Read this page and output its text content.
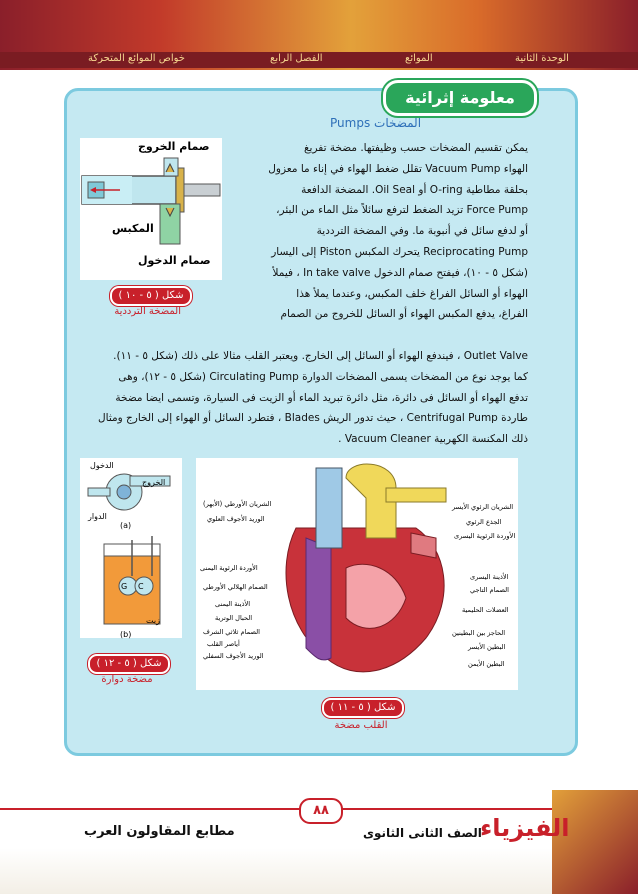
الوحدة الثانية
الموائع
الفصل الرابع
خواص الموائع المتحركة
معلومة إثرائية
المضخات Pumps
يمكن تقسيم المضخات حسب وظيفتها. مضخة تفريغ
الهواء Vacuum Pump تقلل ضغط الهواء في إناء ما معزول
بحلقة مطاطية O-ring أو Oil Seal. المضخة الدافعة
Force Pump تزيد الضغط لترفع سائلاً مثل الماء من البئر،
أو لدفع سائل في أنبوبة ما. وفي المضخة الترددية
Reciprocating Pump يتحرك المكبس Piston إلى اليسار
(شكل ٥ - ١٠)، فيفتح صمام الدخول In take valve ، فيملأ
الهواء أو السائل الفراغ خلف المكبس، وعندما يملأ هذا
الفراغ، يدفع المكبس الهواء أو السائل للخروج من الصمام
صمام الخروج
المكبس
صمام الدخول
شكل ( ٥ - ١٠ )
المضخة الترددية
Outlet Valve ، فيندفع الهواء أو السائل إلى الخارج. ويعتبر القلب مثالا على ذلك (شكل ٥ - ١١).
كما يوجد نوع من المضخات يسمى المضخات الدوارة Circulating Pump (شكل ٥ - ١٢)، وهى
تدفع الهواء أو السائل فى دائرة، مثل دائرة تبريد الماء أو الزيت فى السيارة، وتسمى ايضا مضخة
طاردة Centrifugal Pump ، حيث تدور الريش Blades ، فتطرد السائل أو الهواء إلى الخارج ومثال
ذلك المكنسة الكهربية Vacuum Cleaner .
الدخول
الخروج
الدوار
(a)
G C
زيت
(b)
شكل ( ٥ - ١٢ )
مضخة دوارة
الشريان الأورطي (الأبهر)
الوريد الأجوف العلوي
الأوردة الرئوية اليمنى
الصمام الهلالي الأورطي
الأذينة اليمنى
الحبال الوترية
الصمام ثلاثي الشرف
أياصر القلب
الوريد الأجوف السفلي
الشريان الرئوي الأيسر
الجذع الرئوي
الأوردة الرئوية اليسرى
الأذينة اليسرى
الصمام التاجي
العضلات الحليمية
الحاجز بين البطينين
البطين الأيسر
البطين الأيمن
شكل ( ٥ - ١١ )
القلب مضخة
٨٨
مطابع المقاولون العرب	الصف الثانى الثانوى
الفيزياء
